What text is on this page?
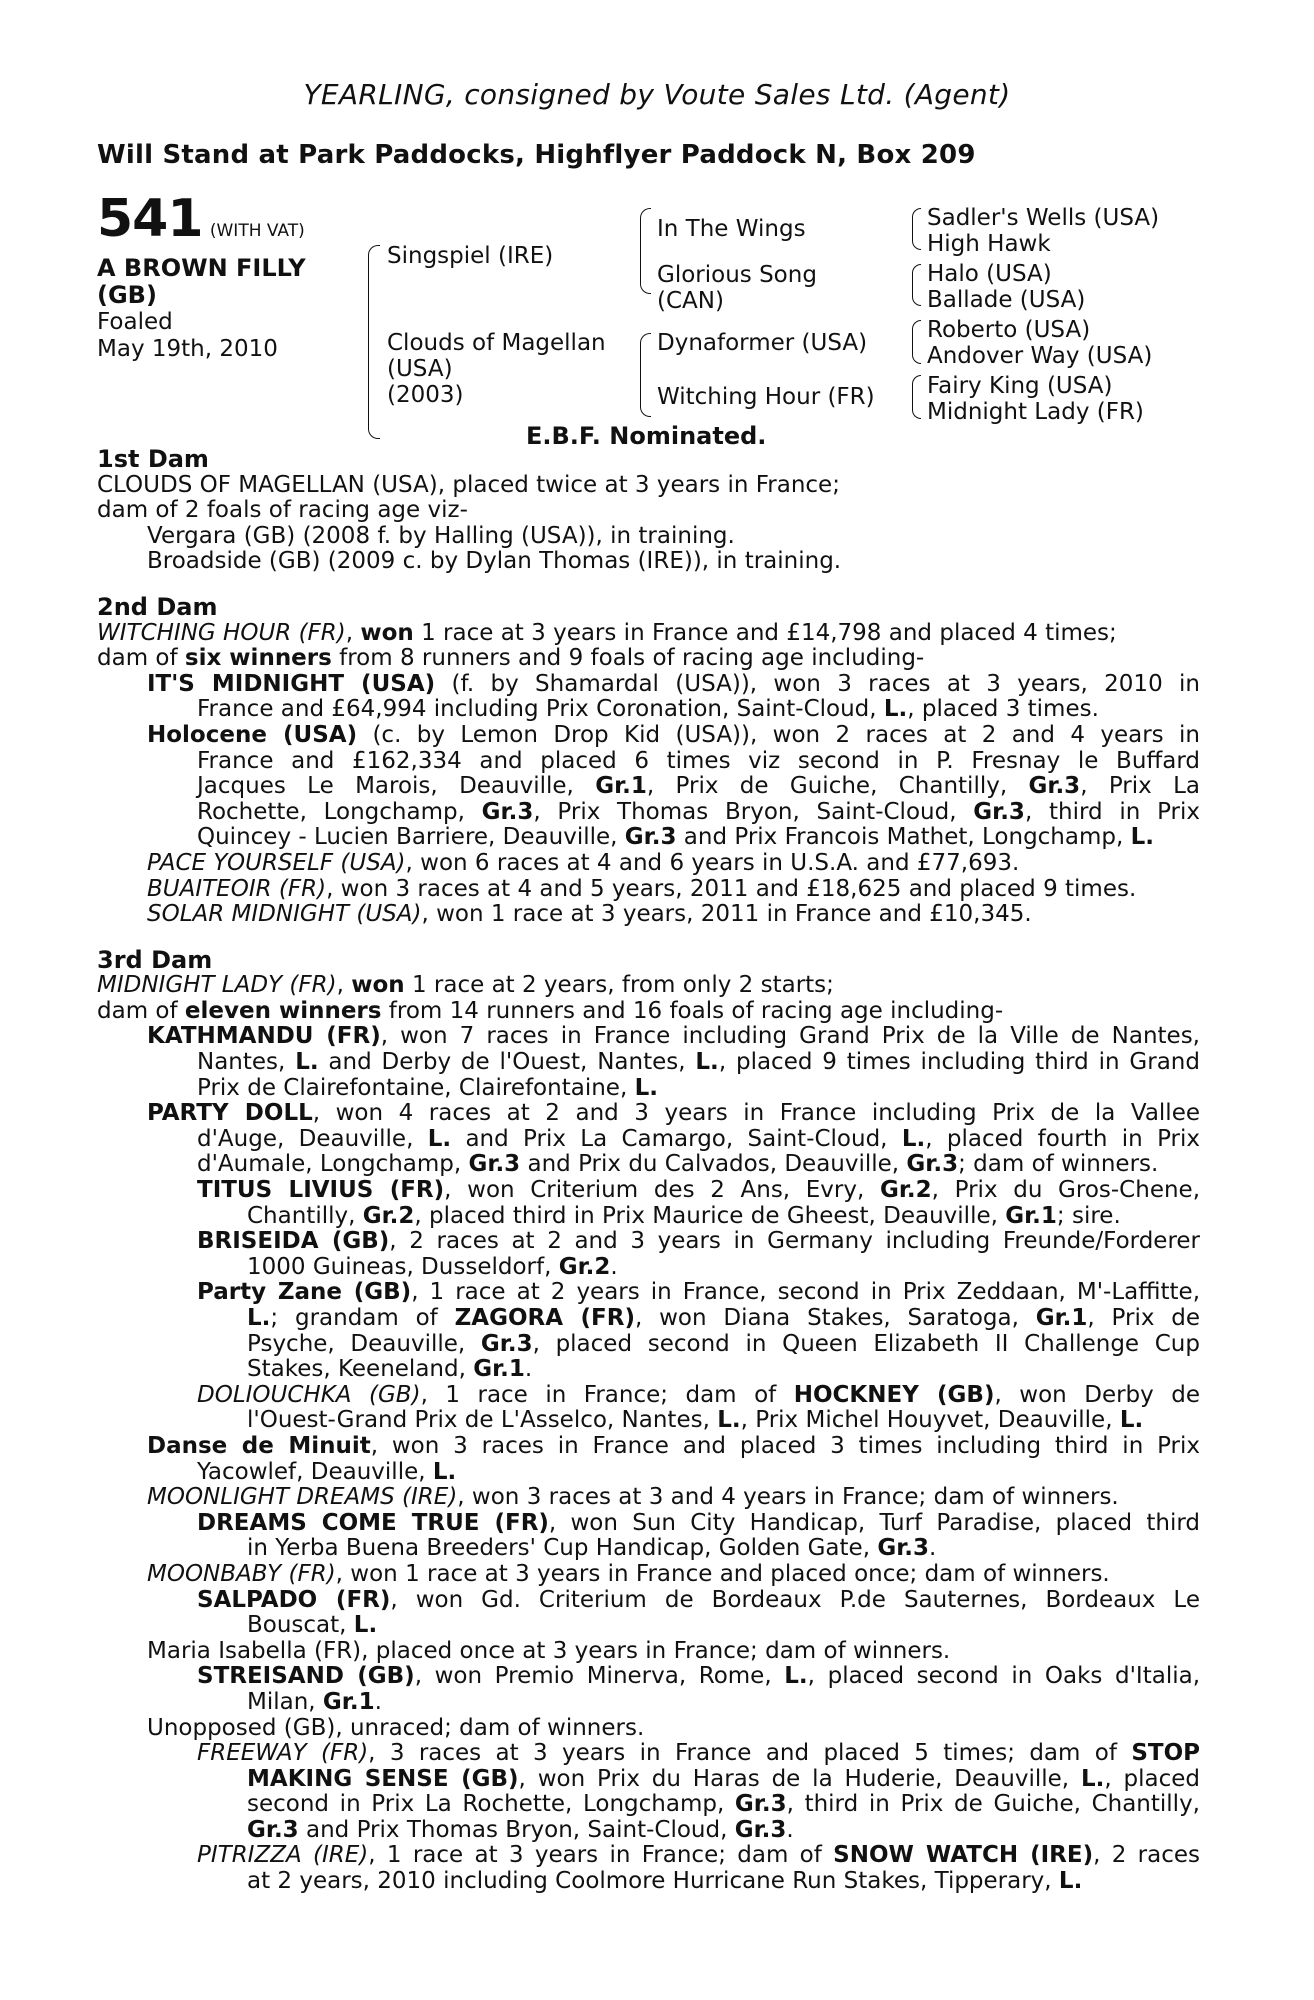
YEARLING, consigned by Voute Sales Ltd. (Agent)
Will Stand at Park Paddocks, Highflyer Paddock N, Box 209
541 (WITH VAT)
A BROWN FILLY
(GB)
Foaled
May 19th, 2010
Singspiel (IRE)
Clouds of Magellan
(USA)
(2003)
In The Wings
Glorious Song
(CAN)
Dynaformer (USA)
Witching Hour (FR)
Sadler's Wells (USA)
High Hawk
Halo (USA)
Ballade (USA)
Roberto (USA)
Andover Way (USA)
Fairy King (USA)
Midnight Lady (FR)
E.B.F. Nominated.
1st Dam
CLOUDS OF MAGELLAN (USA), placed twice at 3 years in France;
dam of 2 foals of racing age viz-
Vergara (GB) (2008 f. by Halling (USA)), in training.
Broadside (GB) (2009 c. by Dylan Thomas (IRE)), in training.
2nd Dam
WITCHING HOUR (FR), won 1 race at 3 years in France and £14,798 and placed 4 times;
dam of six winners from 8 runners and 9 foals of racing age including-
IT'S MIDNIGHT (USA) (f. by Shamardal (USA)), won 3 races at 3 years, 2010 in
France and £64,994 including Prix Coronation, Saint-Cloud, L., placed 3 times.
Holocene (USA) (c. by Lemon Drop Kid (USA)), won 2 races at 2 and 4 years in
France and £162,334 and placed 6 times viz second in P. Fresnay le Buffard
Jacques Le Marois, Deauville, Gr.1, Prix de Guiche, Chantilly, Gr.3, Prix La
Rochette, Longchamp, Gr.3, Prix Thomas Bryon, Saint-Cloud, Gr.3, third in Prix
Quincey - Lucien Barriere, Deauville, Gr.3 and Prix Francois Mathet, Longchamp, L.
PACE YOURSELF (USA), won 6 races at 4 and 6 years in U.S.A. and £77,693.
BUAITEOIR (FR), won 3 races at 4 and 5 years, 2011 and £18,625 and placed 9 times.
SOLAR MIDNIGHT (USA), won 1 race at 3 years, 2011 in France and £10,345.
3rd Dam
MIDNIGHT LADY (FR), won 1 race at 2 years, from only 2 starts;
dam of eleven winners from 14 runners and 16 foals of racing age including-
KATHMANDU (FR), won 7 races in France including Grand Prix de la Ville de Nantes,
Nantes, L. and Derby de l'Ouest, Nantes, L., placed 9 times including third in Grand
Prix de Clairefontaine, Clairefontaine, L.
PARTY DOLL, won 4 races at 2 and 3 years in France including Prix de la Vallee
d'Auge, Deauville, L. and Prix La Camargo, Saint-Cloud, L., placed fourth in Prix
d'Aumale, Longchamp, Gr.3 and Prix du Calvados, Deauville, Gr.3; dam of winners.
TITUS LIVIUS (FR), won Criterium des 2 Ans, Evry, Gr.2, Prix du Gros-Chene,
Chantilly, Gr.2, placed third in Prix Maurice de Gheest, Deauville, Gr.1; sire.
BRISEIDA (GB), 2 races at 2 and 3 years in Germany including Freunde/Forderer
1000 Guineas, Dusseldorf, Gr.2.
Party Zane (GB), 1 race at 2 years in France, second in Prix Zeddaan, M'-Laffitte,
L.; grandam of ZAGORA (FR), won Diana Stakes, Saratoga, Gr.1, Prix de
Psyche, Deauville, Gr.3, placed second in Queen Elizabeth II Challenge Cup
Stakes, Keeneland, Gr.1.
DOLIOUCHKA (GB), 1 race in France; dam of HOCKNEY (GB), won Derby de
l'Ouest-Grand Prix de L'Asselco, Nantes, L., Prix Michel Houyvet, Deauville, L.
Danse de Minuit, won 3 races in France and placed 3 times including third in Prix
Yacowlef, Deauville, L.
MOONLIGHT DREAMS (IRE), won 3 races at 3 and 4 years in France; dam of winners.
DREAMS COME TRUE (FR), won Sun City Handicap, Turf Paradise, placed third
in Yerba Buena Breeders' Cup Handicap, Golden Gate, Gr.3.
MOONBABY (FR), won 1 race at 3 years in France and placed once; dam of winners.
SALPADO (FR), won Gd. Criterium de Bordeaux P.de Sauternes, Bordeaux Le
Bouscat, L.
Maria Isabella (FR), placed once at 3 years in France; dam of winners.
STREISAND (GB), won Premio Minerva, Rome, L., placed second in Oaks d'Italia,
Milan, Gr.1.
Unopposed (GB), unraced; dam of winners.
FREEWAY (FR), 3 races at 3 years in France and placed 5 times; dam of STOP
MAKING SENSE (GB), won Prix du Haras de la Huderie, Deauville, L., placed
second in Prix La Rochette, Longchamp, Gr.3, third in Prix de Guiche, Chantilly,
Gr.3 and Prix Thomas Bryon, Saint-Cloud, Gr.3.
PITRIZZA (IRE), 1 race at 3 years in France; dam of SNOW WATCH (IRE), 2 races
at 2 years, 2010 including Coolmore Hurricane Run Stakes, Tipperary, L.
